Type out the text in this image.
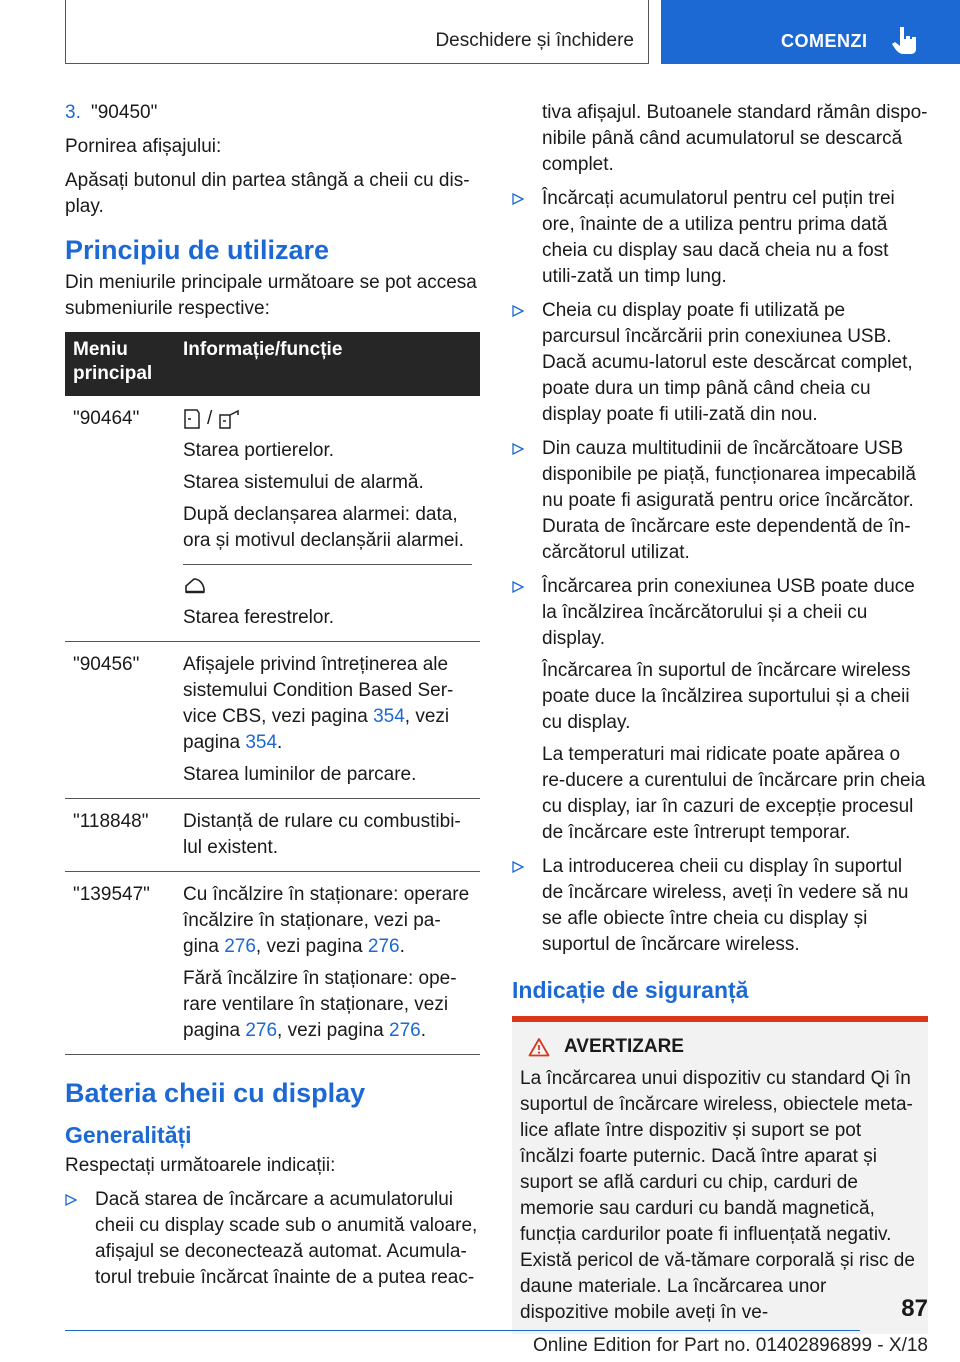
Deschidere și închidere	COMENZI
3. "90450"
Pornirea afișajului:
Apăsați butonul din partea stângă a cheii cu dis-play.
Principiu de utilizare
Din meniurile principale următoare se pot accesa submeniurile respective:
Meniu principal	Informație/funcție
"90464"	/
Starea portierelor.
Starea sistemului de alarmă.
După declanșarea alarmei: data, ora și motivul declanșării alarmei.
Starea ferestrelor.

"90456"	Afișajele privind întreținerea ale sistemului Condition Based Ser-vice CBS, vezi pagina 354, vezi pagina 354.
Starea luminilor de parcare.

"118848"	Distanță de rulare cu combustibi-lul existent.
"139547"	Cu încălzire în staționare: operare încălzire în staționare, vezi pa-gina 276, vezi pagina 276.
Fără încălzire în staționare: ope-rare ventilare în staționare, vezi pagina 276, vezi pagina 276.
Bateria cheii cu display
Generalități
Respectați următoarele indicații:
Dacă starea de încărcare a acumulatorului cheii cu display scade sub o anumită valoare, afișajul se deconectează automat. Acumula-torul trebuie încărcat înainte de a putea reac-
tiva afișajul. Butoanele standard rămân dispo-nibile până când acumulatorul se descarcă complet.
Încărcați acumulatorul pentru cel puțin trei ore, înainte de a utiliza pentru prima dată cheia cu display sau dacă cheia nu a fost utili-zată un timp lung.
Cheia cu display poate fi utilizată pe parcursul încărcării prin conexiunea USB. Dacă acumu-latorul este descărcat complet, poate dura un timp până când cheia cu display poate fi utili-zată din nou.
Din cauza multitudinii de încărcătoare USB disponibile pe piață, funcționarea impecabilă nu poate fi asigurată pentru orice încărcător. Durata de încărcare este dependentă de în-cărcătorul utilizat.
Încărcarea prin conexiunea USB poate duce la încălzirea încărcătorului și a cheii cu display.
Încărcarea în suportul de încărcare wireless poate duce la încălzirea suportului și a cheii cu display.
La temperaturi mai ridicate poate apărea o re-ducere a curentului de încărcare prin cheia cu display, iar în cazuri de excepție procesul de încărcare este întrerupt temporar.
La introducerea cheii cu display în suportul de încărcare wireless, aveți în vedere să nu se afle obiecte între cheia cu display și suportul de încărcare wireless.
Indicație de siguranță
AVERTIZARE
La încărcarea unui dispozitiv cu standard Qi în suportul de încărcare wireless, obiectele meta-lice aflate între dispozitiv și suport se pot încălzi foarte puternic. Dacă între aparat și suport se află carduri cu chip, carduri de memorie sau carduri cu bandă magnetică, funcția cardurilor poate fi influențată negativ. Există pericol de vă-tămare corporală și risc de daune materiale. La încărcarea unor dispozitive mobile aveți în ve-	87
Online Edition for Part no. 01402896899 - X/18
